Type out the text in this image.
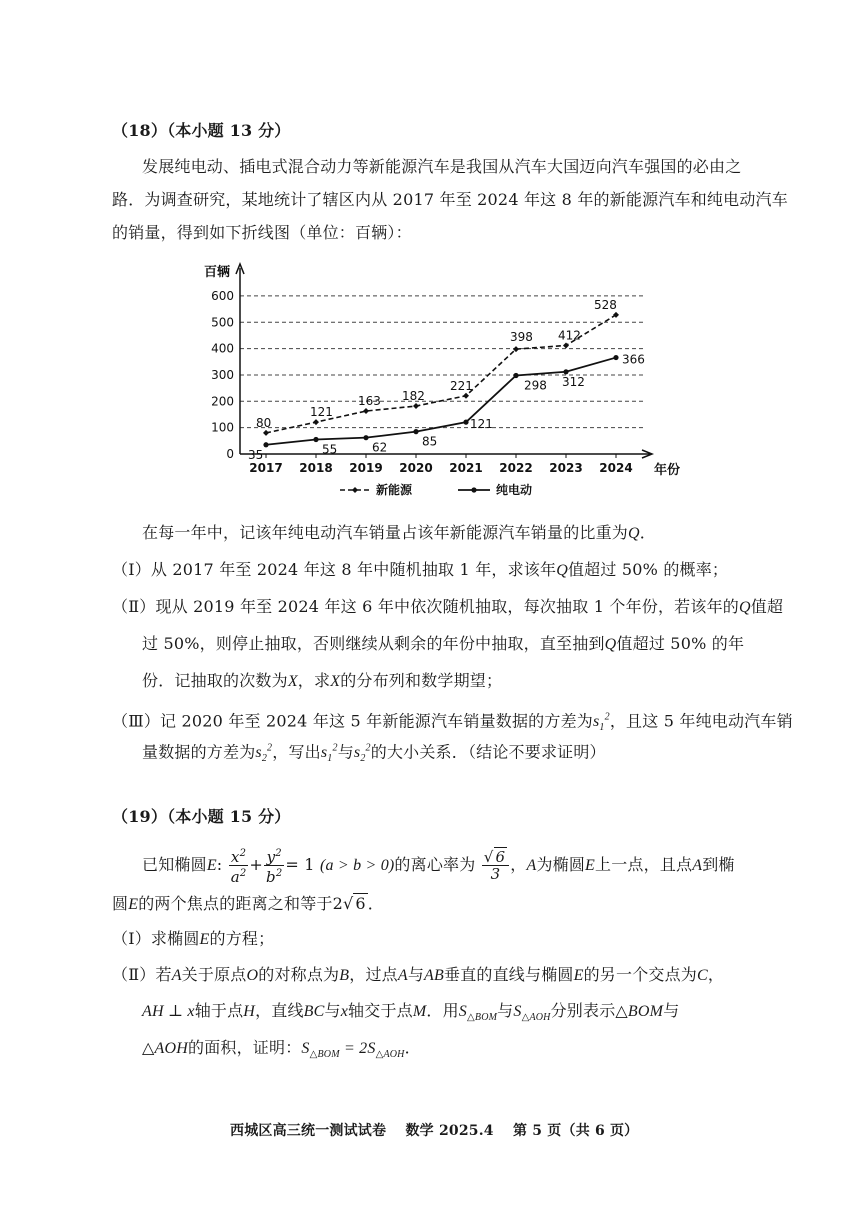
（18）（本小题 13 分）
发展纯电动、插电式混合动力等新能源汽车是我国从汽车大国迈向汽车强国的必由之
路．为调查研究，某地统计了辖区内从 2017 年至 2024 年这 8 年的新能源汽车和纯电动汽车
的销量，得到如下折线图（单位：百辆）：
0
100
200
300
400
500
600
百辆
年份
2017 2018 2019 2020 2021 2022 2023 2024
80
121
163 182
221
398 412
528
35	55	62	85
121
298 312
366
新能源	纯电动
在每一年中，记该年纯电动汽车销量占该年新能源汽车销量的比重为Q．
（Ⅰ）从 2017 年至 2024 年这 8 年中随机抽取 1 年，求该年Q值超过 50% 的概率；
（Ⅱ）现从 2019 年至 2024 年这 6 年中依次随机抽取，每次抽取 1 个年份，若该年的Q值超
过 50%，则停止抽取，否则继续从剩余的年份中抽取，直至抽到Q值超过 50% 的年
份．记抽取的次数为X，求X的分布列和数学期望；
（Ⅲ）记 2020 年至 2024 年这 5 年新能源汽车销量数据的方差为$s_1^2$，且这 5 年纯电动汽车销
量数据的方差为$s_2^2$，写出$s_1^2$与$s_2^2$的大小关系．（结论不要求证明）
（19）（本小题 15 分）
已知椭圆E: $\frac{x^2}{a^2} + \frac{y^2}{b^2} = 1$ (a > b > 0)的离心率为 $\frac{√ 6}{3}$ ，A为椭圆E上一点，且点A到椭
圆E的两个焦点的距离之和等于2√ 6 ．
（Ⅰ）求椭圆E的方程；
（Ⅱ）若A关于原点O的对称点为B，过点A与AB垂直的直线与椭圆E的另一个交点为C，
AH ⊥ x轴于点H，直线BC与x轴交于点M．用$S_{\triangle BOM}$与$S_{\triangle AOH}$分别表示△BOM与
△AOH的面积，证明：$S_{\triangle BOM} = 2S_{\triangle AOH}$．
西城区高三统一测试试卷　 数学 2025.4　 第 5 页（共 6 页）
